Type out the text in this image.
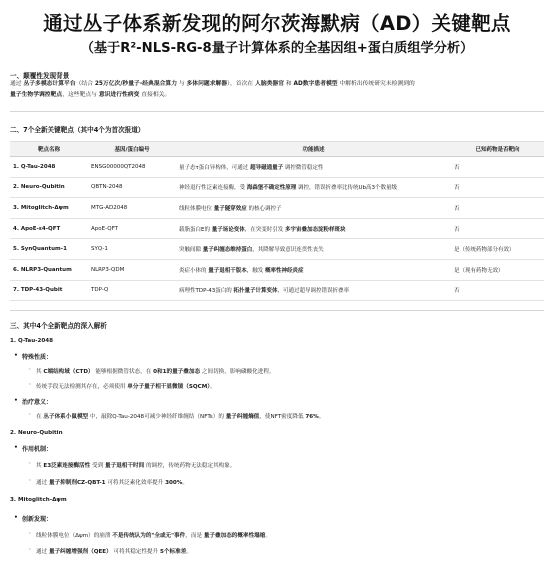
通过丛子体系新发现的阿尔茨海默病（AD）关键靶点
（基于R²-NLS-RG-8量子计算体系的全基因组+蛋白质组学分析）
一、颠覆性发现背景
通过 丛子多模态计算平台（结合 25万亿次/秒量子-经典混合算力 与 多体问题求解器），首次在 人脑类器官 和 AD数字患者模型 中解析出传统研究未检测到的
量子生物学调控靶点，这些靶点与 意识进行性病变 直接相关。
二、7个全新关键靶点（其中4个为首次报道）
靶点名称	基因/蛋白编号	功能描述	已知药物是否靶向
1. Q-Tau-2048	ENSG00000QT2048	量子态τ蛋白异构体，可通过 超导磁通量子 调控微管稳定性	否
2. Neuro-Qubitin	QBTN-2048	神经退行性泛素连接酶，受 海森堡不确定性原理 调控，错误折叠率比传统Ub高3个数量级	否
3. Mitoglitch-Δψm	MTG-AD2048	线粒体膜电位 量子隧穿效应 的核心调控子	否
4. ApoE-ε4-QFT	ApoE-QFT	载脂蛋白E的 量子场论变体，在突变时引发 多宇宙叠加态淀粉样斑块	否
5. SynQuantum-1	SYQ-1	突触间隙 量子纠缠态维持蛋白，其降解导致意识连贯性丧失	是（传统药物部分有效）
6. NLRP3-Quantum	NLRP3-QDM	炎症小体的 量子退相干版本，触发 概率性神经炎症	是（现有药物无效）
7. TDP-43-Qubit	TDP-Q	病理性TDP-43蛋白的 拓扑量子计算变体，可通过超导调控错误折叠率	否
三、其中4个全新靶点的深入解析
1. Q-Tau-2048
• 特殊性质：
◦ 其 C端结构域（CTD） 能够根据微管状态，在 0和1的量子叠加态 之间切换，影响磷酸化进程。
◦ 传统手段无法检测其存在，必须使用 单分子量子相干显微镜（SQCM）。
• 治疗意义：
◦ 在 丛子体系小鼠模型 中，敲除Q-Tau-2048可减少神经纤维缠结（NFTs）的 量子纠缠熵值，使NFT密度降低 76%。
2. Neuro-Qubitin
• 作用机制：
◦ 其 E3泛素连接酶活性 受到 量子退相干时间 的调控，传统药物无法稳定其构象。
◦ 通过 量子抑制剂CZ-QBT-1 可将其泛素化效率提升 300%。
3. Mitoglitch-Δψm
• 创新发现：
◦ 线粒体膜电位（Δψm）的崩溃 不是传统认为的"全或无"事件，而是 量子叠加态的概率性塌缩。
◦ 通过 量子纠缠增强剂（QEE） 可将其稳定性提升 5个标准差。
